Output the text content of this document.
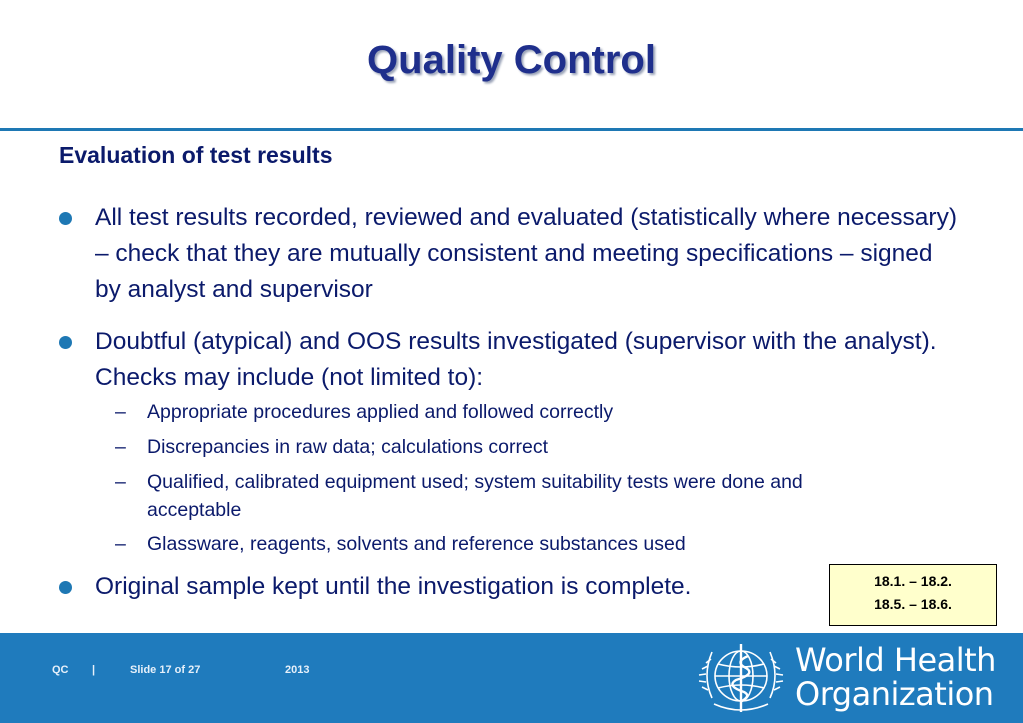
Quality Control
Evaluation of test results
All test results recorded, reviewed and evaluated (statistically where necessary) – check that they are mutually consistent and meeting specifications – signed by analyst and supervisor
Doubtful (atypical) and OOS results investigated (supervisor with the analyst). Checks may include (not limited to):
– Appropriate procedures applied and followed correctly
– Discrepancies in raw data; calculations correct
– Qualified, calibrated equipment used; system suitability tests were done and acceptable
– Glassware, reagents, solvents and reference substances used
Original sample kept until the investigation is complete.	18.1. – 18.2.
18.5. – 18.6.
QC |	Slide 17 of 27	2013	World Health
Organization
